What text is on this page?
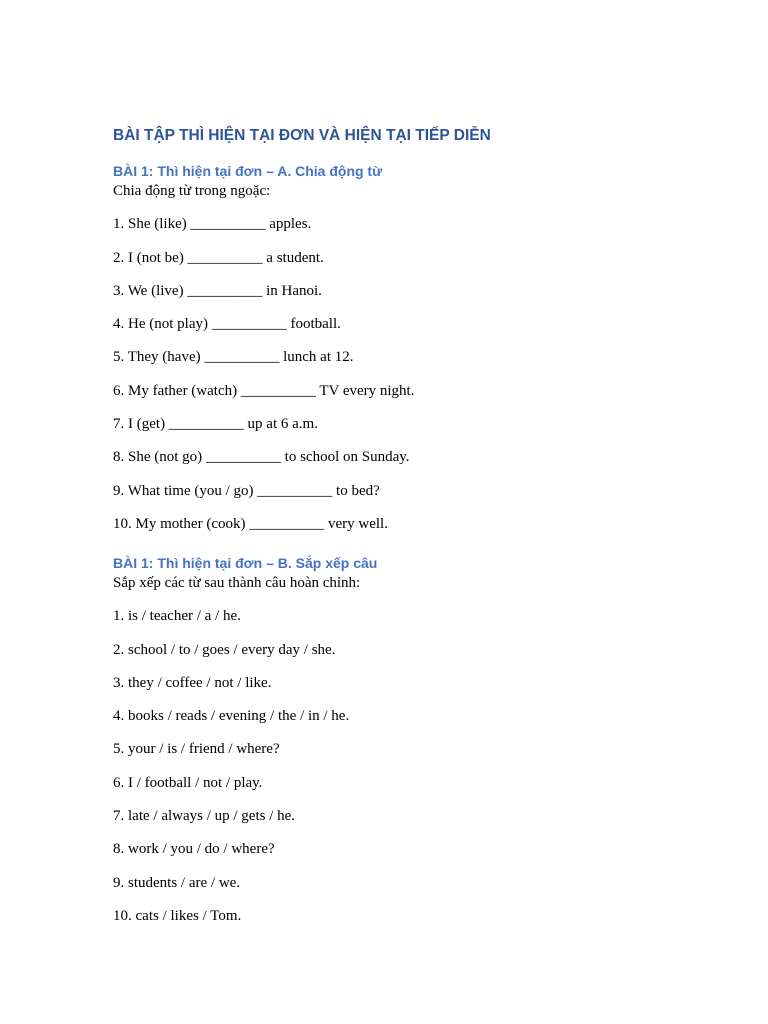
BÀI TẬP THÌ HIỆN TẠI ĐƠN VÀ HIỆN TẠI TIẾP DIỄN
BÀI 1: Thì hiện tại đơn – A. Chia động từ

Chia động từ trong ngoặc:

1. She (like) __________ apples.
2. I (not be) __________ a student.
3. We (live) __________ in Hanoi.
4. He (not play) __________ football.
5. They (have) __________ lunch at 12.
6. My father (watch) __________ TV every night.
7. I (get) __________ up at 6 a.m.
8. She (not go) __________ to school on Sunday.
9. What time (you / go) __________ to bed?
10. My mother (cook) __________ very well.
BÀI 1: Thì hiện tại đơn – B. Sắp xếp câu

Sắp xếp các từ sau thành câu hoàn chỉnh:

1. is / teacher / a / he.
2. school / to / goes / every day / she.
3. they / coffee / not / like.
4. books / reads / evening / the / in / he.
5. your / is / friend / where?
6. I / football / not / play.
7. late / always / up / gets / he.
8. work / you / do / where?
9. students / are / we.
10. cats / likes / Tom.
